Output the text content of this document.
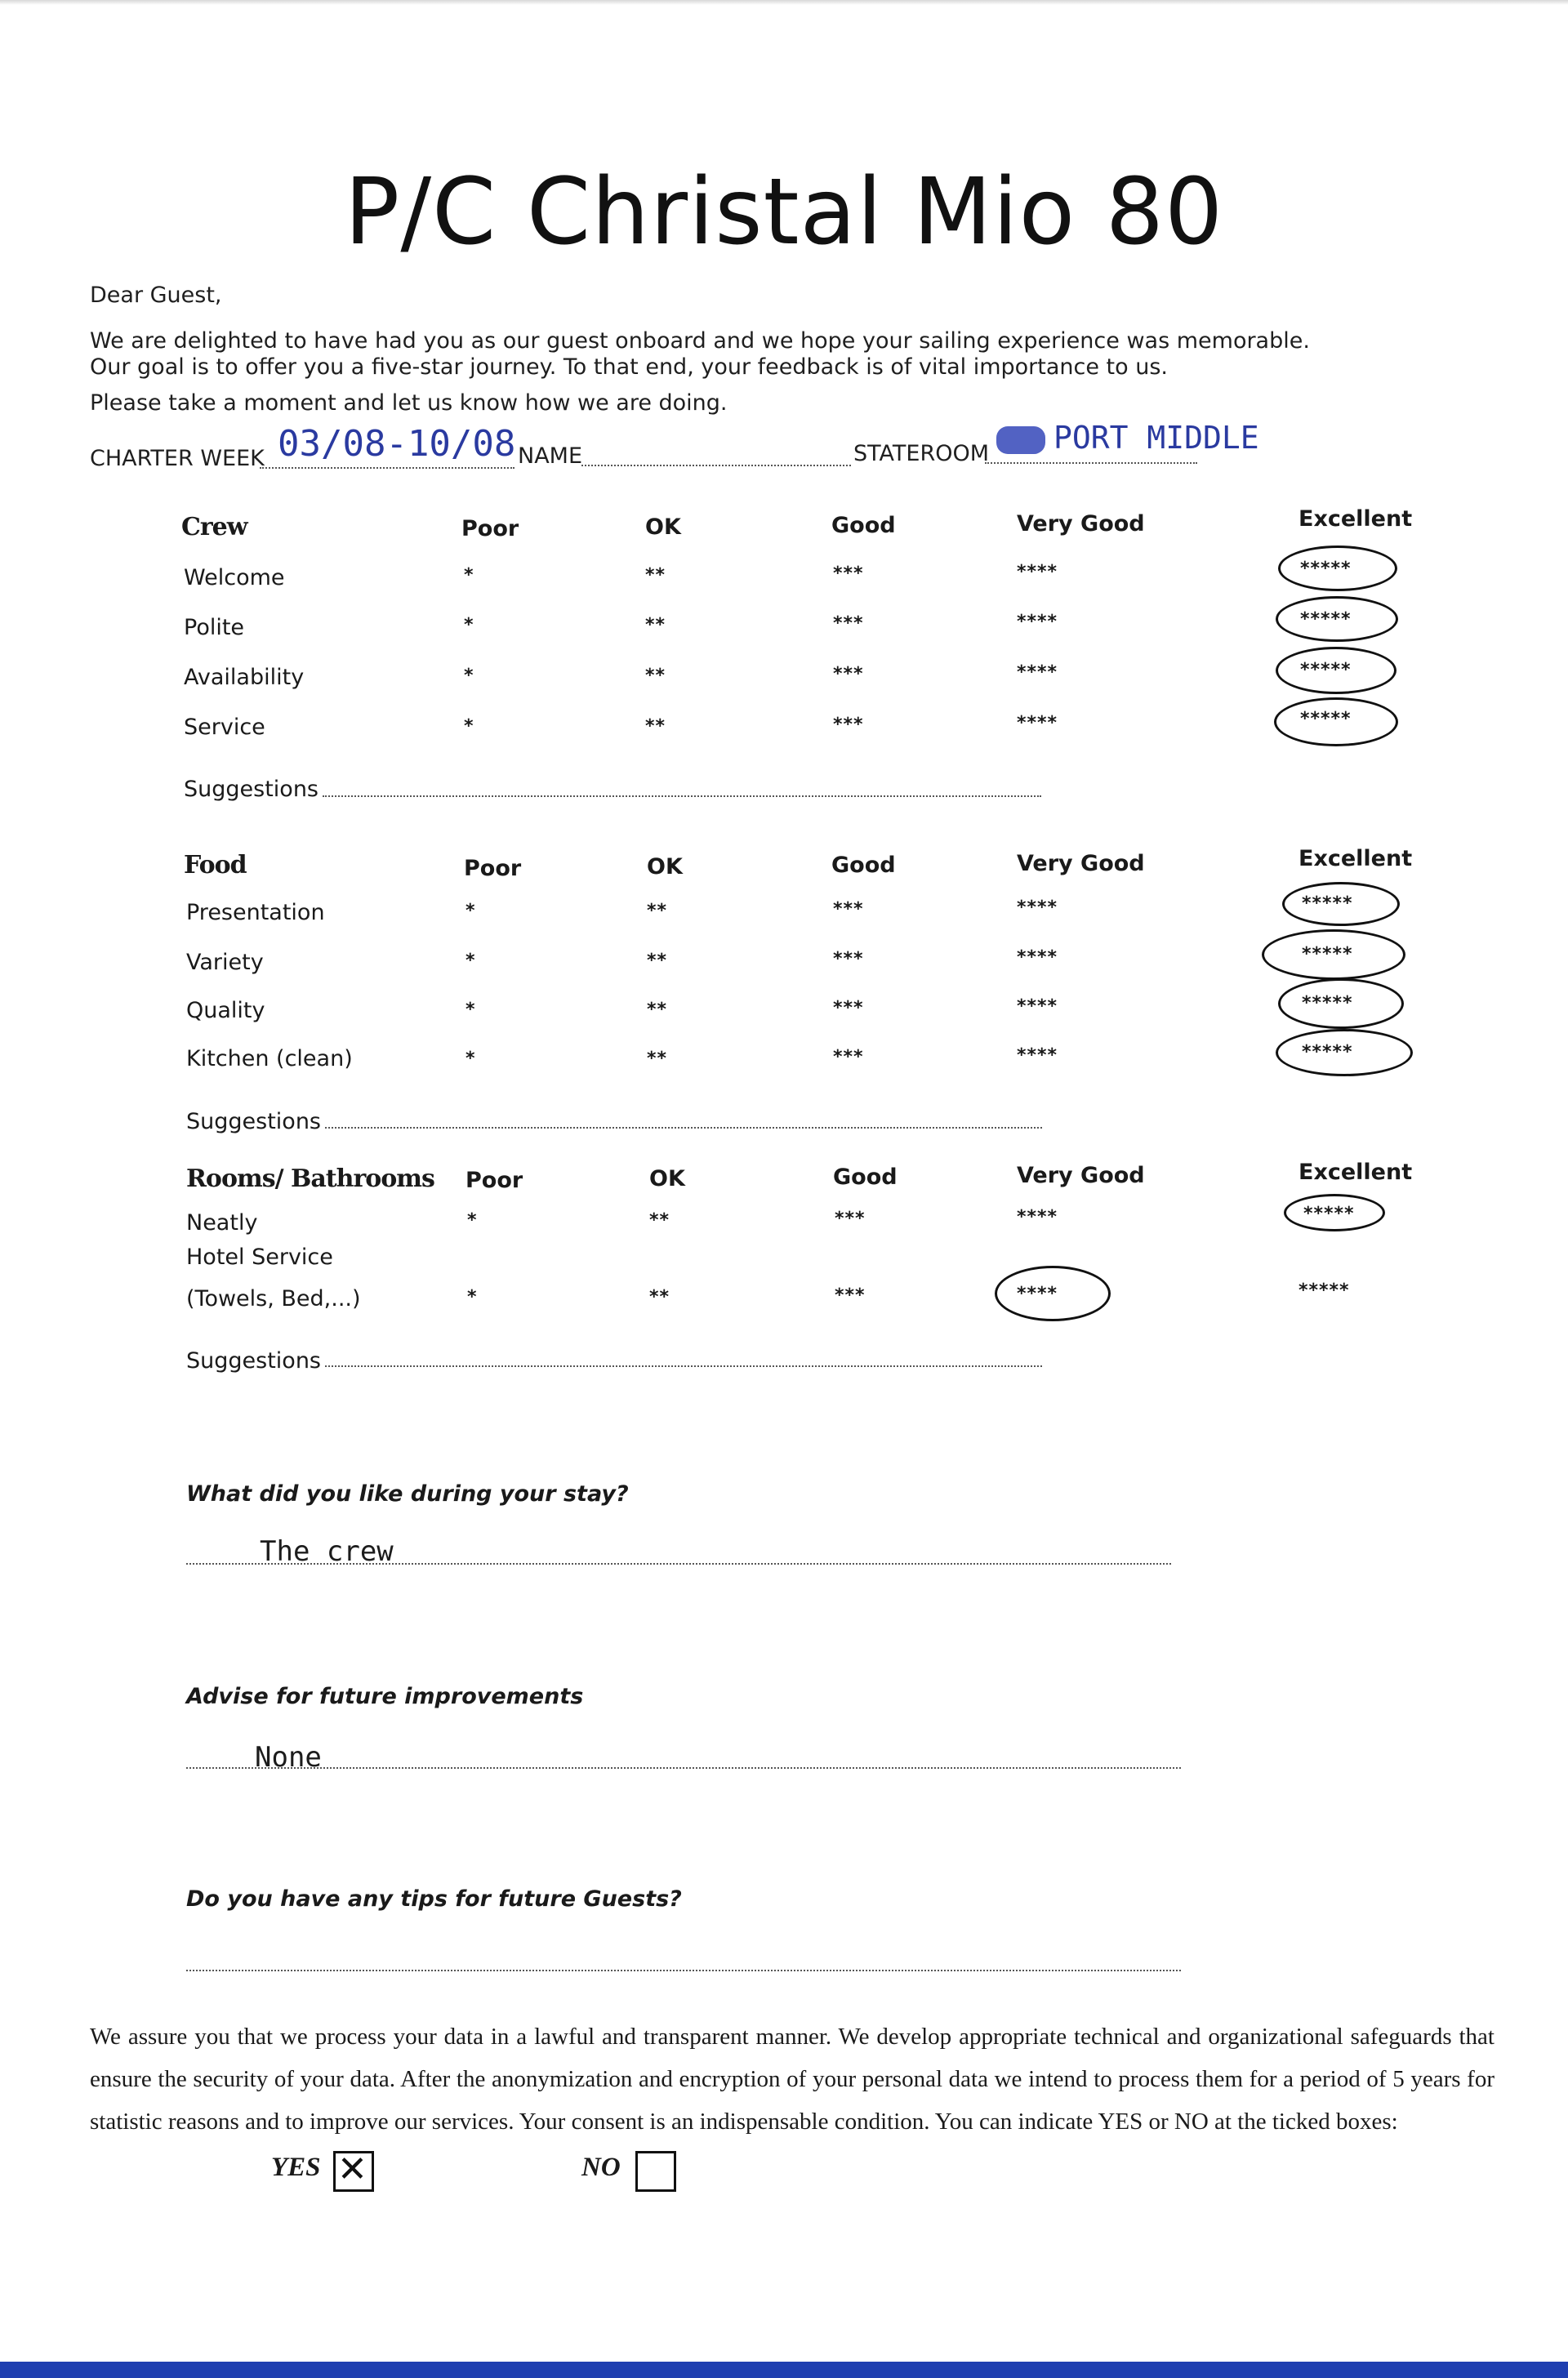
P/C Christal Mio 80
Dear Guest,
We are delighted to have had you as our guest onboard and we hope your sailing experience was memorable.
Our goal is to offer you a five-star journey. To that end, your feedback is of vital importance to us.
Please take a moment and let us know how we are doing.
CHARTER WEEK 03/08-10/08 NAME	STATEROOM PORT MIDDLE
Crew	Poor	OK	Good	Very Good	Excellent
Welcome	*	**	***	****	*****
Polite	*	**	***	****	*****
Availability	*	**	***	****	*****
Service	*	**	***	****	*****
Suggestions
Food	Poor	OK	Good	Very Good	Excellent
Presentation	*	**	***	****	*****
Variety	*	**	***	****	*****
Quality	*	**	***	****	*****
Kitchen (clean)	*	**	***	****	*****
Suggestions
Rooms/ Bathrooms Poor	OK	Good	Very Good	Excellent
Neatly	*	**	***	****	*****
Hotel Service
(Towels, Bed,...)	*	**	***	****	*****
Suggestions
What did you like during your stay?
The crew
Advise for future improvements
None
Do you have any tips for future Guests?
We assure you that we process your data in a lawful and transparent manner. We develop appropriate technical and organizational safeguards that ensure the security of your data. After the anonymization and encryption of your personal data we intend to process them for a period of 5 years for statistic reasons and to improve our services. Your consent is an indispensable condition. You can indicate YES or NO at the ticked boxes:
YES ✕	NO
